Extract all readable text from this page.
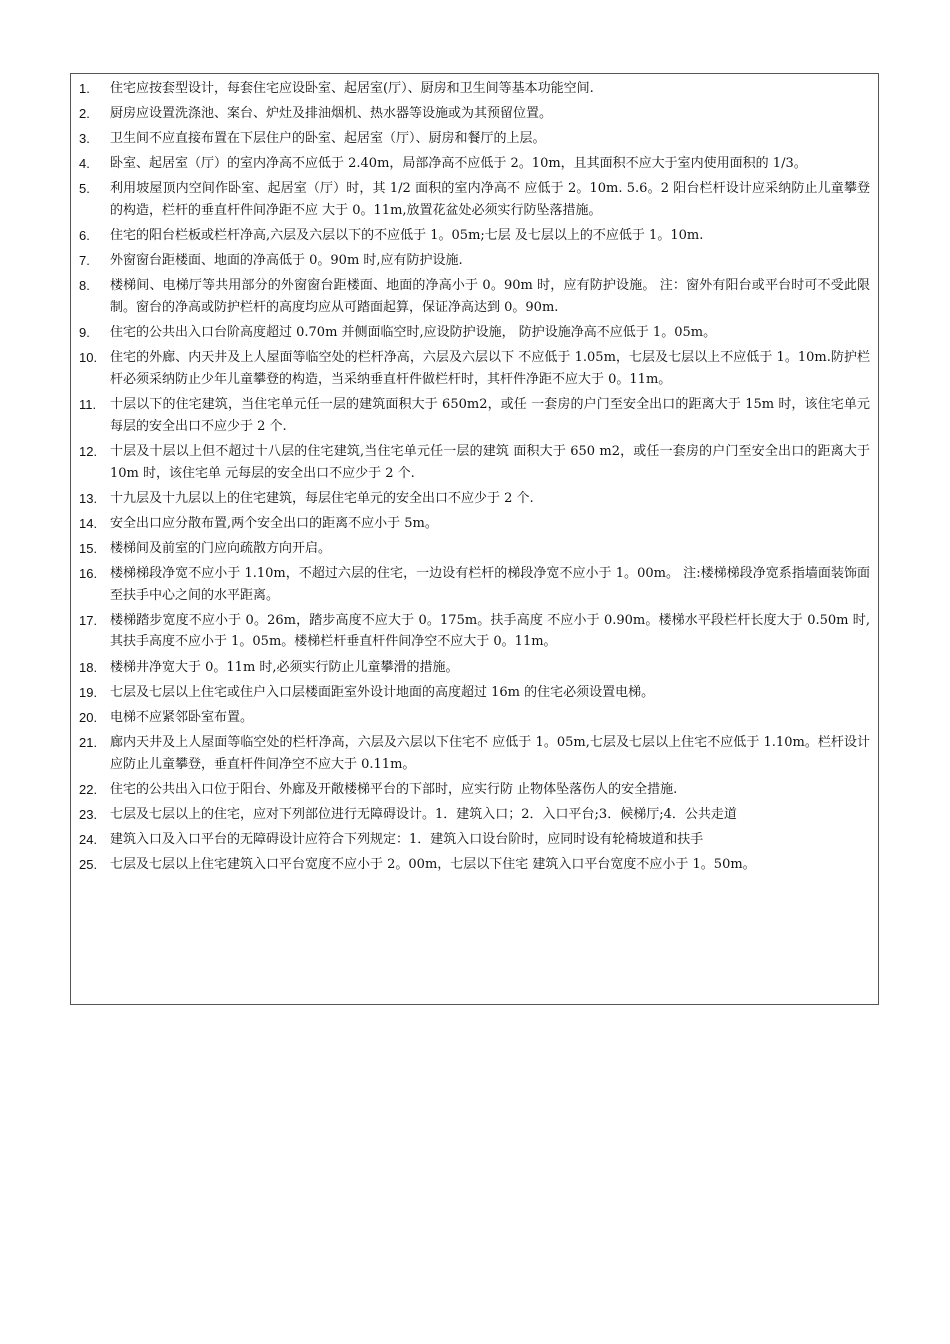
1.	住宅应按套型设计，每套住宅应设卧室、起居室(厅）、厨房和卫生间等基本功能空间.
2.	厨房应设置洗涤池、案台、炉灶及排油烟机、热水器等设施或为其预留位置。
3.	卫生间不应直接布置在下层住户的卧室、起居室（厅）、厨房和餐厅的上层。
4.	卧室、起居室（厅）的室内净高不应低于 2.40m，局部净高不应低于 2。10m，且其面积不应大于室内使用面积的 1/3。
5.	利用坡屋顶内空间作卧室、起居室（厅）时，其 1/2 面积的室内净高不 应低于 2。10m. 5.6。2 阳台栏杆设计应采纳防止儿童攀登的构造，栏杆的垂直杆件间净距不应 大于 0。11m,放置花盆处必须实行防坠落措施。
6.	住宅的阳台栏板或栏杆净高,六层及六层以下的不应低于 1。05m;七层 及七层以上的不应低于 1。10m.
7.	外窗窗台距楼面、地面的净高低于 0。90m 时,应有防护设施.
8.	楼梯间、电梯厅等共用部分的外窗窗台距楼面、地面的净高小于 0。90m 时，应有防护设施。 注：窗外有阳台或平台时可不受此限制。窗台的净高或防护栏杆的高度均应从可踏面起算，保证净高达到 0。90m.
9.	住宅的公共出入口台阶高度超过 0.70m 并侧面临空时,应设防护设施， 防护设施净高不应低于 1。05m。
10. 住宅的外廊、内天井及上人屋面等临空处的栏杆净高，六层及六层以下 不应低于 1.05m，七层及七层以上不应低于 1。10m.防护栏杆必须采纳防止少年儿童攀登的构造，当采纳垂直杆件做栏杆时，其杆件净距不应大于 0。11m。
11.	十层以下的住宅建筑，当住宅单元任一层的建筑面积大于 650m2，或任 一套房的户门至安全出口的距离大于 15m 时，该住宅单元每层的安全出口不应少于 2 个.
12. 十层及十层以上但不超过十八层的住宅建筑,当住宅单元任一层的建筑 面积大于 650 m2，或任一套房的户门至安全出口的距离大于 10m 时，该住宅单 元每层的安全出口不应少于 2 个.
13. 十九层及十九层以上的住宅建筑，每层住宅单元的安全出口不应少于 2 个.
14. 安全出口应分散布置,两个安全出口的距离不应小于 5m。
15. 楼梯间及前室的门应向疏散方向开启。
16. 楼梯梯段净宽不应小于 1.10m，不超过六层的住宅，一边设有栏杆的梯段净宽不应小于 1。00m。 注:楼梯梯段净宽系指墙面装饰面至扶手中心之间的水平距离。
17. 楼梯踏步宽度不应小于 0。26m，踏步高度不应大于 0。175m。扶手高度 不应小于 0.90m。楼梯水平段栏杆长度大于 0.50m 时,其扶手高度不应小于 1。05m。楼梯栏杆垂直杆件间净空不应大于 0。11m。
18. 楼梯井净宽大于 0。11m 时,必须实行防止儿童攀滑的措施。
19. 七层及七层以上住宅或住户入口层楼面距室外设计地面的高度超过 16m 的住宅必须设置电梯。
20. 电梯不应紧邻卧室布置。
21. 廊内天井及上人屋面等临空处的栏杆净高，六层及六层以下住宅不 应低于 1。05m,七层及七层以上住宅不应低于 1.10m。栏杆设计应防止儿童攀登，垂直杆件间净空不应大于 0.11m。
22. 住宅的公共出入口位于阳台、外廊及开敞楼梯平台的下部时，应实行防 止物体坠落伤人的安全措施.
23. 七层及七层以上的住宅，应对下列部位进行无障碍设计。1．建筑入口；2．入口平台;3．候梯厅;4．公共走道
24. 建筑入口及入口平台的无障碍设计应符合下列规定：1．建筑入口设台阶时，应同时设有轮椅坡道和扶手
25. 七层及七层以上住宅建筑入口平台宽度不应小于 2。00m，七层以下住宅 建筑入口平台宽度不应小于 1。50m。
